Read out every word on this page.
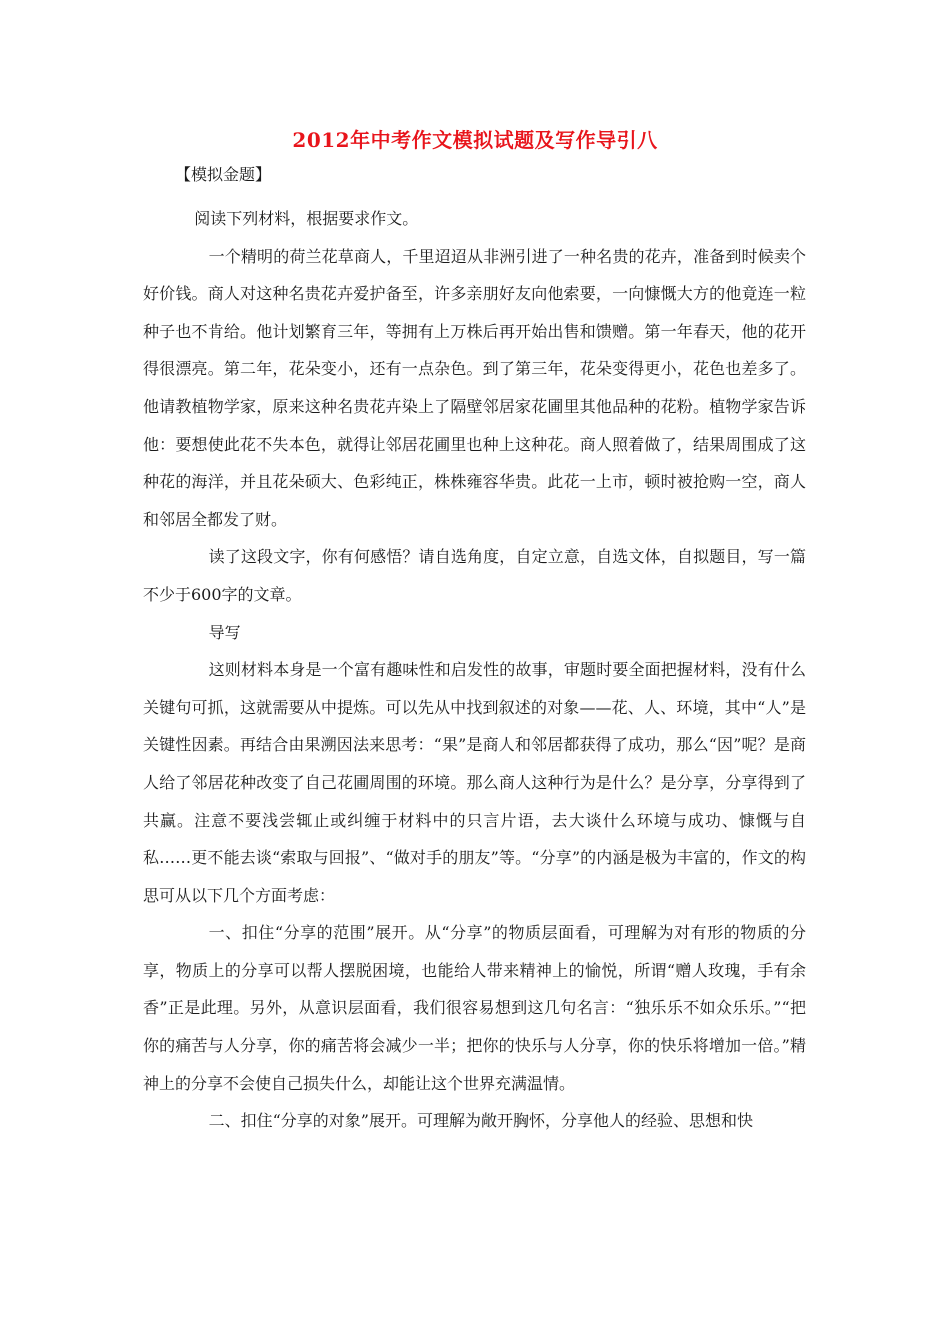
2012年中考作文模拟试题及写作导引八
【模拟金题】

阅读下列材料，根据要求作文。

一个精明的荷兰花草商人，千里迢迢从非洲引进了一种名贵的花卉，准备到时候卖个好价钱。商人对这种名贵花卉爱护备至，许多亲朋好友向他索要，一向慷慨大方的他竟连一粒种子也不肯给。他计划繁育三年，等拥有上万株后再开始出售和馈赠。第一年春天，他的花开得很漂亮。第二年，花朵变小，还有一点杂色。到了第三年，花朵变得更小，花色也差多了。他请教植物学家，原来这种名贵花卉染上了隔壁邻居家花圃里其他品种的花粉。植物学家告诉他：要想使此花不失本色，就得让邻居花圃里也种上这种花。商人照着做了，结果周围成了这种花的海洋，并且花朵硕大、色彩纯正，株株雍容华贵。此花一上市，顿时被抢购一空，商人和邻居全都发了财。

读了这段文字，你有何感悟？请自选角度，自定立意，自选文体，自拟题目，写一篇不少于600字的文章。

导写

这则材料本身是一个富有趣味性和启发性的故事，审题时要全面把握材料，没有什么关键句可抓，这就需要从中提炼。可以先从中找到叙述的对象——花、人、环境，其中“人”是关键性因素。再结合由果溯因法来思考：“果”是商人和邻居都获得了成功，那么“因”呢？是商人给了邻居花种改变了自己花圃周围的环境。那么商人这种行为是什么？是分享，分享得到了共赢。注意不要浅尝辄止或纠缠于材料中的只言片语，去大谈什么环境与成功、慷慨与自私……更不能去谈“索取与回报”、“做对手的朋友”等。“分享”的内涵是极为丰富的，作文的构思可从以下几个方面考虑：

一、扣住“分享的范围”展开。从“分享”的物质层面看，可理解为对有形的物质的分享，物质上的分享可以帮人摆脱困境，也能给人带来精神上的愉悦，所谓“赠人玫瑰，手有余香”正是此理。另外，从意识层面看，我们很容易想到这几句名言：“独乐乐不如众乐乐。”“把你的痛苦与人分享，你的痛苦将会减少一半；把你的快乐与人分享，你的快乐将增加一倍。”精神上的分享不会使自己损失什么，却能让这个世界充满温情。

二、扣住“分享的对象”展开。可理解为敞开胸怀，分享他人的经验、思想和快
